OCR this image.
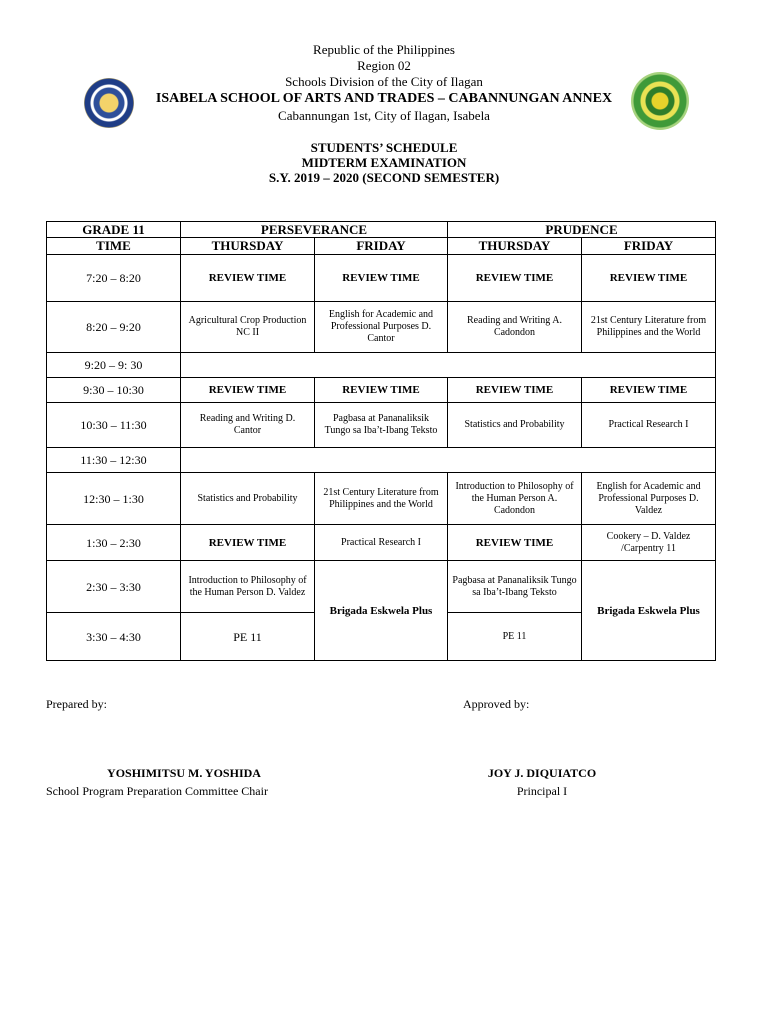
Republic of the Philippines
Region 02
Schools Division of the City of Ilagan
ISABELA SCHOOL OF ARTS AND TRADES – CABANNUNGAN ANNEX
Cabannungan 1st, City of Ilagan, Isabela
STUDENTS’ SCHEDULE
MIDTERM EXAMINATION
S.Y. 2019 – 2020 (SECOND SEMESTER)
GRADE 11	PERSEVERANCE		PRUDENCE	
TIME	THURSDAY	FRIDAY	THURSDAY	FRIDAY
7:20 – 8:20	REVIEW TIME	REVIEW TIME	REVIEW TIME	REVIEW TIME
8:20 – 9:20	Agricultural Crop Production NC II	English for Academic and Professional Purposes D. Cantor	Reading and Writing A. Cadondon	21st Century Literature from Philippines and the World
9:20 – 9: 30				
9:30 – 10:30	REVIEW TIME	REVIEW TIME	REVIEW TIME	REVIEW TIME
10:30 – 11:30	Reading and Writing D. Cantor	Pagbasa at Pananaliksik Tungo sa Iba’t-Ibang Teksto	Statistics and Probability	Practical Research I
11:30 – 12:30				
12:30 – 1:30	Statistics and Probability	21st Century Literature from Philippines and the World	Introduction to Philosophy of the Human Person A. Cadondon	English for Academic and Professional Purposes D. Valdez
1:30 – 2:30	REVIEW TIME	Practical Research I	REVIEW TIME	Cookery – D. Valdez /Carpentry 11
2:30 – 3:30	Introduction to Philosophy of the Human Person D. Valdez	Brigada Eskwela Plus	Pagbasa at Pananaliksik Tungo sa Iba’t-Ibang Teksto	Brigada Eskwela Plus
3:30 – 4:30	PE 11		PE 11	
Prepared by:	Approved by:
YOSHIMITSU M. YOSHIDA
School Program Preparation Committee Chair
JOY J. DIQUIATCO
Principal I
